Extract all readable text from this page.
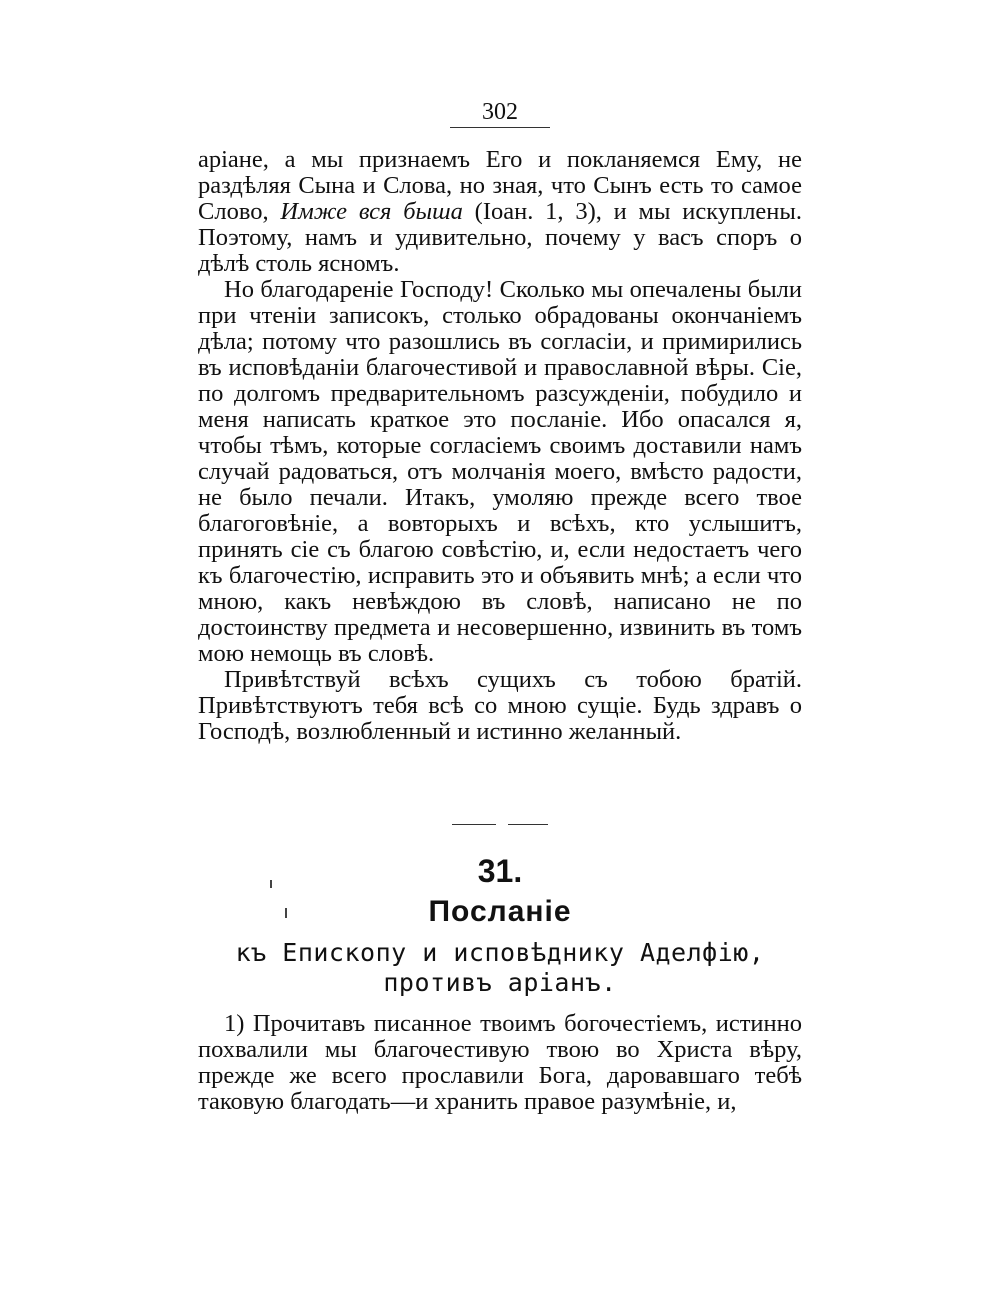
302

аріане, а мы признаемъ Его и покланяемся Ему, не раздѣляя Сына и Слова, но зная, что Сынъ есть то самое Слово, Имже вся быша (Іоан. 1, 3), и мы искуплены. Поэтому, намъ и удивительно, почему у васъ споръ о дѣлѣ столь ясномъ.

Но благодареніе Господу! Сколько мы опечалены были при чтеніи записокъ, столько обрадованы окончаніемъ дѣла; потому что разошлись въ согласіи, и примирились въ исповѣданіи благочестивой и православной вѣры. Сіе, по долгомъ предварительномъ разсужденіи, побудило и меня написать краткое это посланіе. Ибо опасался я, чтобы тѣмъ, которые согласіемъ своимъ доставили намъ случай радоваться, отъ молчанія моего, вмѣсто радости, не было печали. Итакъ, умоляю прежде всего твое благоговѣніе, а вовторыхъ и всѣхъ, кто услышитъ, принять сіе съ благою совѣстію, и, если недостаетъ чего къ благочестію, исправить это и объявить мнѣ; а если что мною, какъ невѣждою въ словѣ, написано не по достоинству предмета и несовершенно, извинить въ томъ мою немощь въ словѣ.

Привѣтствуй всѣхъ сущихъ съ тобою братій. Привѣтствуютъ тебя всѣ со мною сущіе. Будь здравъ о Господѣ, возлюбленный и истинно желанный.

31.
Посланіе
къ Епископу и исповѣднику Аделфію, противъ аріанъ.

1) Прочитавъ писанное твоимъ богочестіемъ, истинно похвалили мы благочестивую твою во Христа вѣру, прежде же всего прославили Бога, даровавшаго тебѣ таковую благодать—и хранить правое разумѣніе, и,
